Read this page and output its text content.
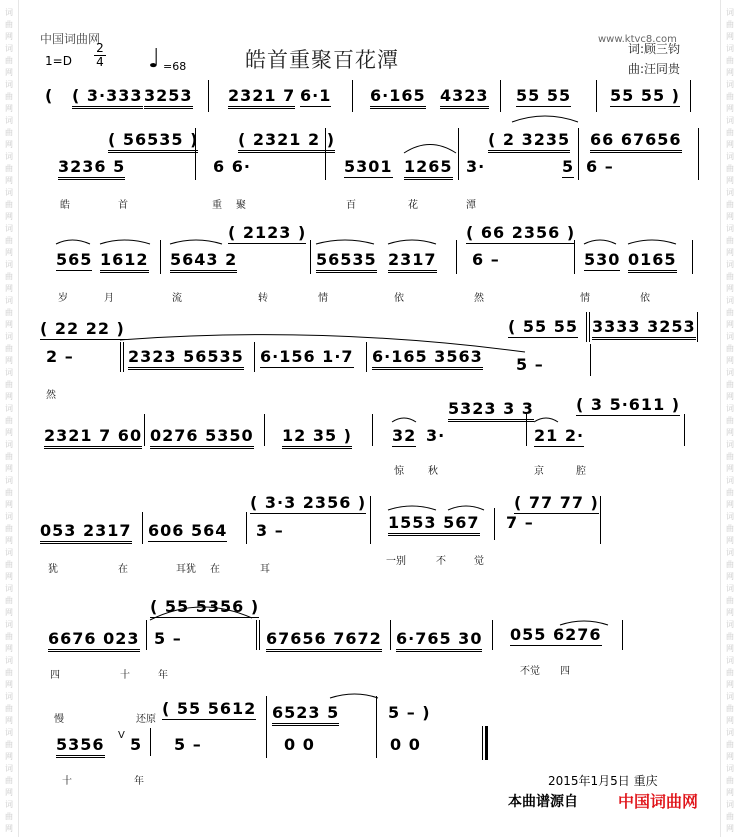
词
曲
网
词
曲
网
词
曲
网
词
曲
网
词
曲
网
词
曲
网
词
曲
网
词
曲
网
词
曲
网
词
曲
网
词
曲
网
词
曲
网
词
曲
网
词
曲
网
词
曲
网
词
曲
网
词
曲
网
词
曲
网
词
曲
网
词
曲
网
词
曲
网
词
曲
网
词
曲
网
词
曲
网
词
曲
网
词
曲
网
词
曲
网
词
曲
网
词
曲
网
词
曲
网
词
曲
网
词
曲
网
词
曲
网
词
曲
网
词
曲
网
词
曲
网
词
曲
网
词
曲
网
词
曲
网
词
曲
网
词
曲
网
词
曲
网
词
曲
网
词
曲
网
词
曲
网
词
曲
网
中国词曲网	www.ktvc8.com
皓首重聚百花潭
1=D
2
4 ♩ =68
词:顾三钧
曲:汪同贵
( ( 3·333 3253 2321 7 6·1 6·165 4323 55 55 55 55 )
( 56535 ) ( 2321 2 )	( 2 3235 66 67656
3236 5	6 6·	5301 1265 3·	5 6 –
皓	首	重 聚	百	花	潭
( 2123 )	( 66 2356 )
565 1612 5643 2	56535 2317 6 –	530 0165
岁	月	流	转	情	依	然	情	依
( 22 22 )	( 55 55 3333 3253
2 –	2323 56535 6·156 1·7 6·165 3563 5 –
然
5323 3 3	( 3 5·611 )
2321 7 60 0276 5350 12 35 )	32 3·	21 2·
惊 秋	京	腔
( 3·3 2356 )	( 77 77 )
053 2317 606 564 3 –	1553 567 7 –
犹	在	耳犹 在	耳
一别	不	觉
( 55 5356 )
6676 023 5 –	67656 7672 6·765 30 055 6276
四	十	年	不觉 四
慢	还原
( 55 5612 6523 5	5 – )
5356 V 5 5 –	0 0	0 0
十	年	2015年1月5日 重庆
本曲谱源自	中国词曲网
